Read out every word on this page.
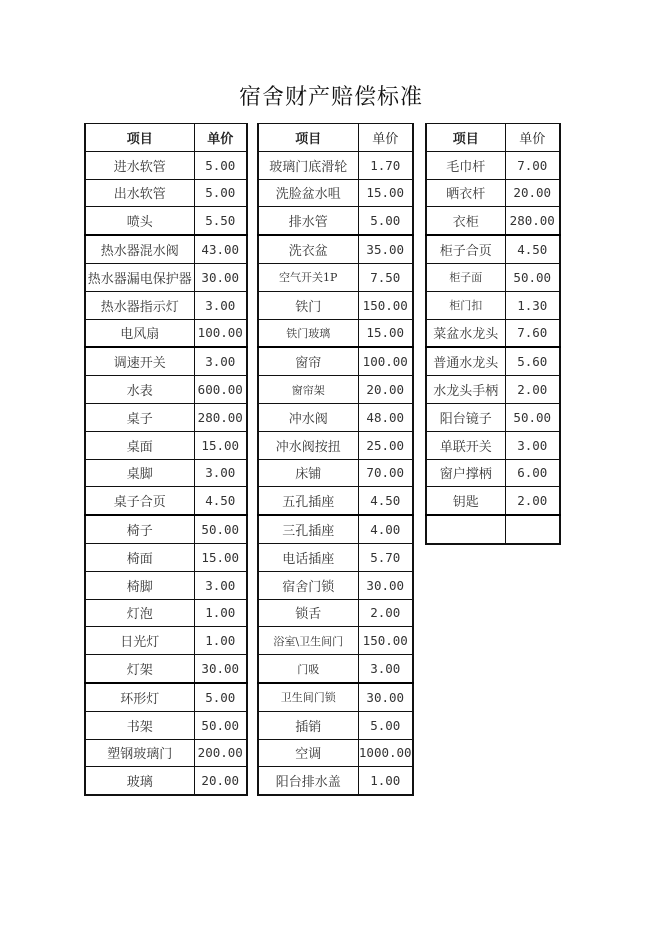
宿舍财产赔偿标准
项目	单价
进水软管	5.00
出水软管	5.00
喷头	5.50
热水器混水阀	43.00
热水器漏电保护器	30.00
热水器指示灯	3.00
电风扇	100.00
调速开关	3.00
水表	600.00
桌子	280.00
桌面	15.00
桌脚	3.00
桌子合页	4.50
椅子	50.00
椅面	15.00
椅脚	3.00
灯泡	1.00
日光灯	1.00
灯架	30.00
环形灯	5.00
书架	50.00
塑钢玻璃门	200.00
玻璃	20.00
项目	单价
玻璃门底滑轮	1.70
洗脸盆水咀	15.00
排水管	5.00
洗衣盆	35.00
空气开关1P	7.50
铁门	150.00
铁门玻璃	15.00
窗帘	100.00
窗帘架	20.00
冲水阀	48.00
冲水阀按扭	25.00
床铺	70.00
五孔插座	4.50
三孔插座	4.00
电话插座	5.70
宿舍门锁	30.00
锁舌	2.00
浴室\卫生间门	150.00
门吸	3.00
卫生间门锁	30.00
插销	5.00
空调	1000.00
阳台排水盖	1.00
项目	单价
毛巾杆	7.00
晒衣杆	20.00
衣柜	280.00
柜子合页	4.50
柜子面	50.00
柜门扣	1.30
菜盆水龙头	7.60
普通水龙头	5.60
水龙头手柄	2.00
阳台镜子	50.00
单联开关	3.00
窗户撑柄	6.00
钥匙	2.00
